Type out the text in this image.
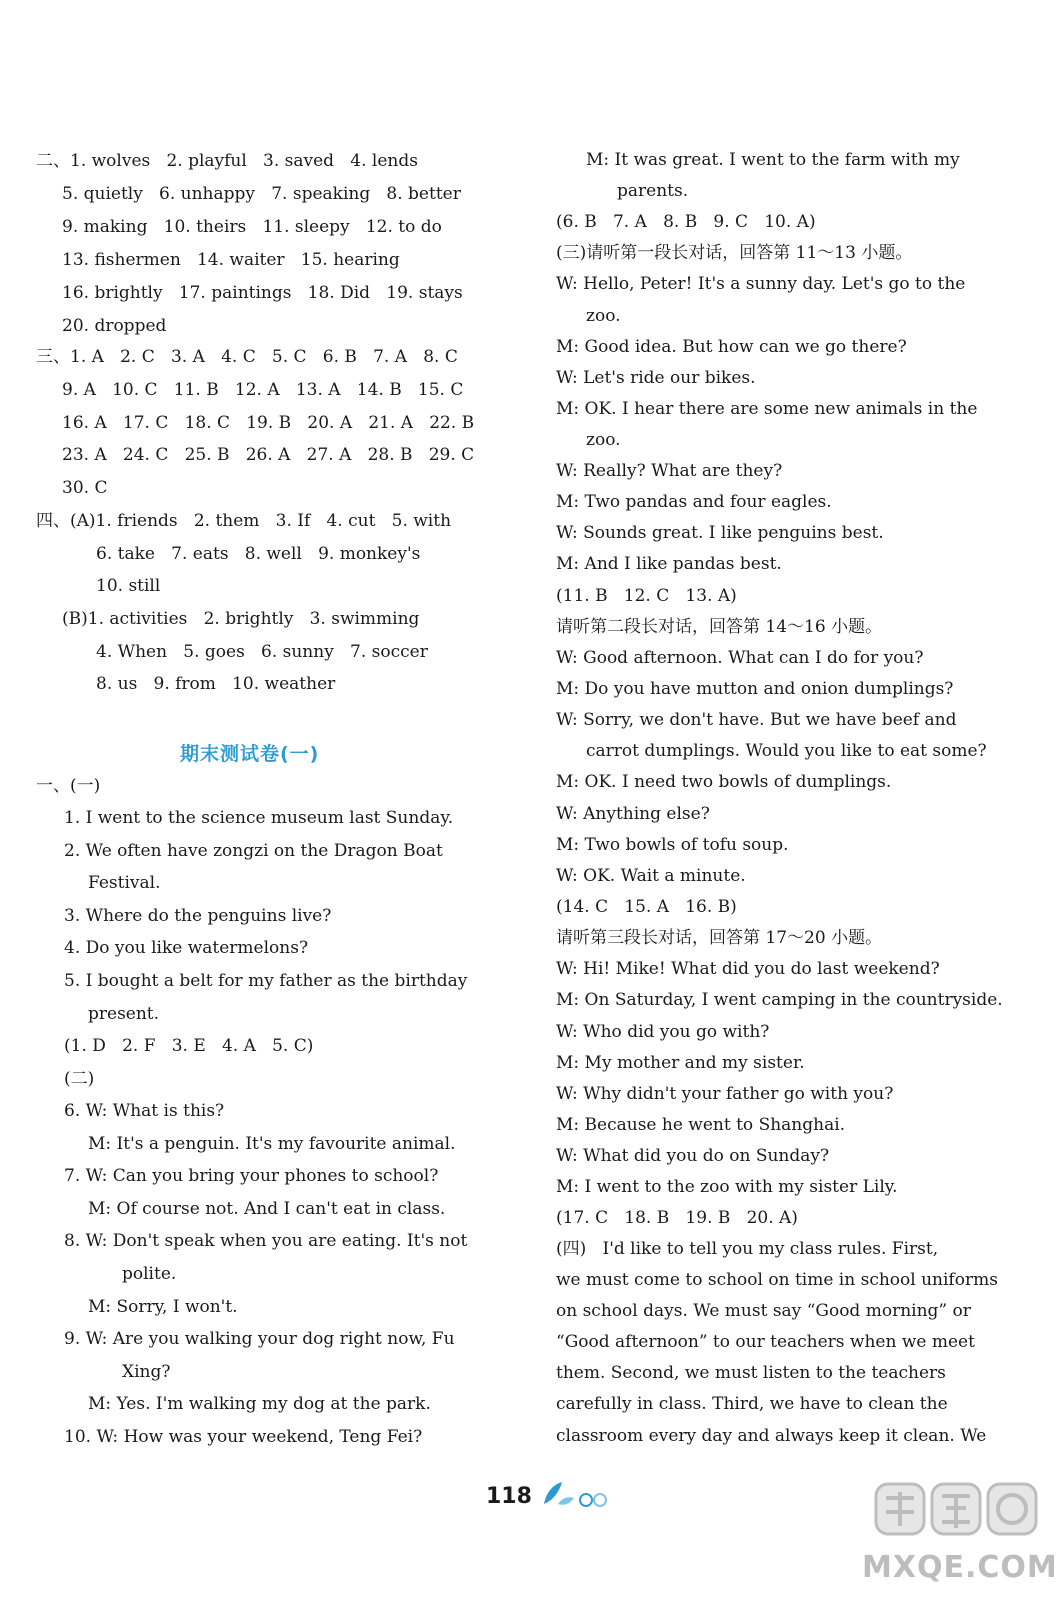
二、1. wolves   2. playful   3. saved   4. lends
5. quietly   6. unhappy   7. speaking   8. better
9. making   10. theirs   11. sleepy   12. to do
13. fishermen   14. waiter   15. hearing
16. brightly   17. paintings   18. Did   19. stays
20. dropped
三、1. A   2. C   3. A   4. C   5. C   6. B   7. A   8. C
9. A   10. C   11. B   12. A   13. A   14. B   15. C
16. A   17. C   18. C   19. B   20. A   21. A   22. B
23. A   24. C   25. B   26. A   27. A   28. B   29. C
30. C
四、(A)1. friends   2. them   3. If   4. cut   5. with
6. take   7. eats   8. well   9. monkey's
10. still
(B)1. activities   2. brightly   3. swimming
4. When   5. goes   6. sunny   7. soccer
8. us   9. from   10. weather
期末测试卷(一)
一、(一)
1. I went to the science museum last Sunday.
2. We often have zongzi on the Dragon Boat
Festival.
3. Where do the penguins live?
4. Do you like watermelons?
5. I bought a belt for my father as the birthday
present.
(1. D   2. F   3. E   4. A   5. C)
(二)
6. W: What is this?
M: It's a penguin. It's my favourite animal.
7. W: Can you bring your phones to school?
M: Of course not. And I can't eat in class.
8. W: Don't speak when you are eating. It's not
polite.
M: Sorry, I won't.
9. W: Are you walking your dog right now, Fu
Xing?
M: Yes. I'm walking my dog at the park.
10. W: How was your weekend, Teng Fei?
M: It was great. I went to the farm with my
parents.
(6. B   7. A   8. B   9. C   10. A)
(三)请听第一段长对话，回答第 11～13 小题。
W: Hello, Peter! It's a sunny day. Let's go to the
zoo.
M: Good idea. But how can we go there?
W: Let's ride our bikes.
M: OK. I hear there are some new animals in the
zoo.
W: Really? What are they?
M: Two pandas and four eagles.
W: Sounds great. I like penguins best.
M: And I like pandas best.
(11. B   12. C   13. A)
请听第二段长对话，回答第 14～16 小题。
W: Good afternoon. What can I do for you?
M: Do you have mutton and onion dumplings?
W: Sorry, we don't have. But we have beef and
carrot dumplings. Would you like to eat some?
M: OK. I need two bowls of dumplings.
W: Anything else?
M: Two bowls of tofu soup.
W: OK. Wait a minute.
(14. C   15. A   16. B)
请听第三段长对话，回答第 17～20 小题。
W: Hi! Mike! What did you do last weekend?
M: On Saturday, I went camping in the countryside.
W: Who did you go with?
M: My mother and my sister.
W: Why didn't your father go with you?
M: Because he went to Shanghai.
W: What did you do on Sunday?
M: I went to the zoo with my sister Lily.
(17. C   18. B   19. B   20. A)
(四)   I'd like to tell you my class rules. First,
we must come to school on time in school uniforms
on school days. We must say “Good morning” or
“Good afternoon” to our teachers when we meet
them. Second, we must listen to the teachers
carefully in class. Third, we have to clean the
classroom every day and always keep it clean. We
118
MXQE.COM
